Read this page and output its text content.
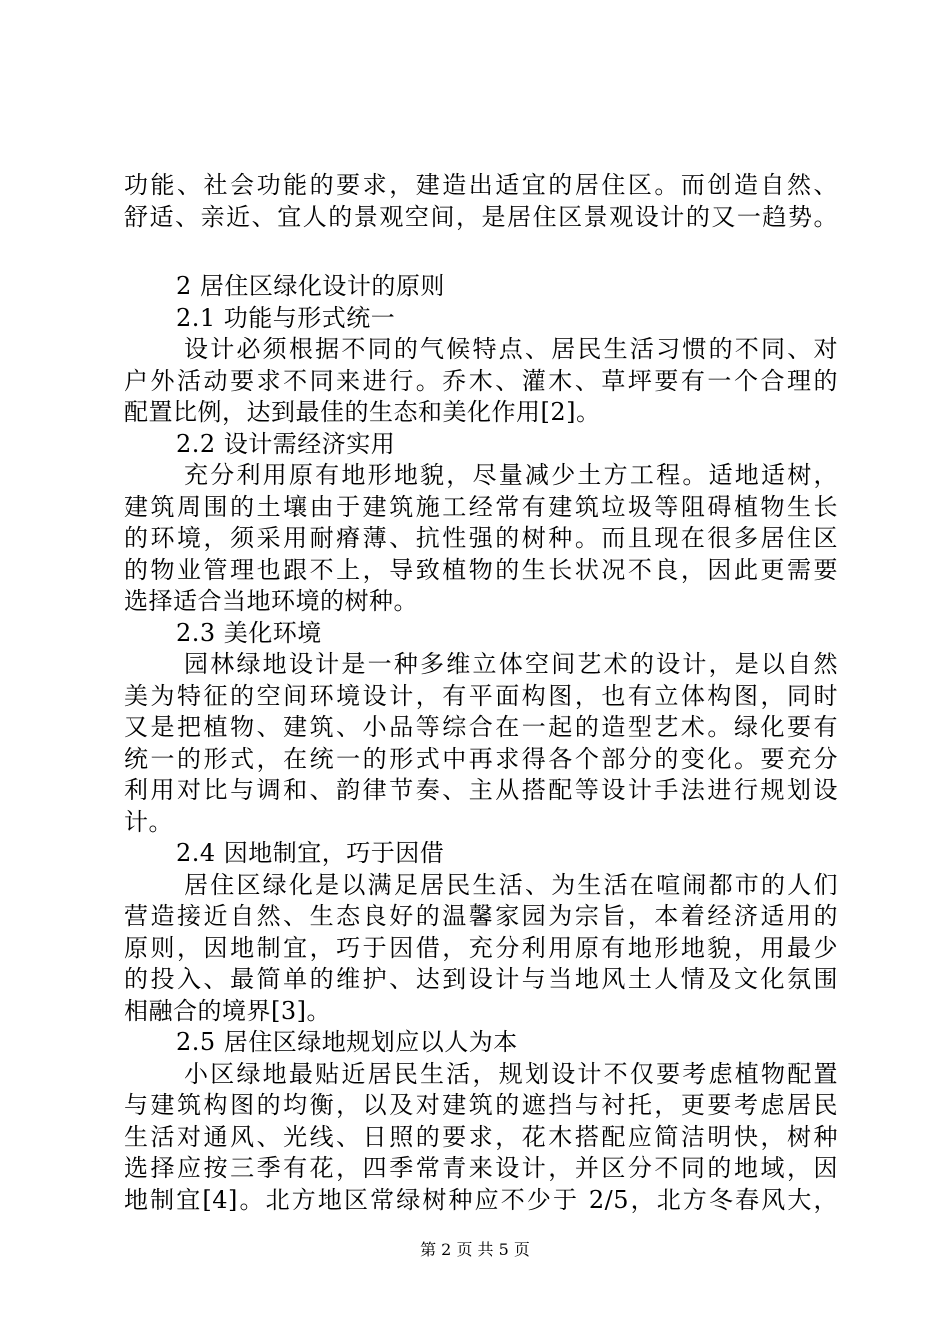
功能、社会功能的要求，建造出适宜的居住区。而创造自然、
舒适、亲近、宜人的景观空间，是居住区景观设计的又一趋势。
2 居住区绿化设计的原则
2.1 功能与形式统一
设计必须根据不同的气候特点、居民生活习惯的不同、对
户外活动要求不同来进行。乔木、灌木、草坪要有一个合理的
配置比例，达到最佳的生态和美化作用[2]。
2.2 设计需经济实用
充分利用原有地形地貌，尽量减少土方工程。适地适树，
建筑周围的土壤由于建筑施工经常有建筑垃圾等阻碍植物生长
的环境，须采用耐瘠薄、抗性强的树种。而且现在很多居住区
的物业管理也跟不上，导致植物的生长状况不良，因此更需要
选择适合当地环境的树种。
2.3 美化环境
园林绿地设计是一种多维立体空间艺术的设计，是以自然
美为特征的空间环境设计，有平面构图，也有立体构图，同时
又是把植物、建筑、小品等综合在一起的造型艺术。绿化要有
统一的形式，在统一的形式中再求得各个部分的变化。要充分
利用对比与调和、韵律节奏、主从搭配等设计手法进行规划设
计。
2.4 因地制宜，巧于因借
居住区绿化是以满足居民生活、为生活在喧闹都市的人们
营造接近自然、生态良好的温馨家园为宗旨，本着经济适用的
原则，因地制宜，巧于因借，充分利用原有地形地貌，用最少
的投入、最简单的维护、达到设计与当地风土人情及文化氛围
相融合的境界[3]。
2.5 居住区绿地规划应以人为本
小区绿地最贴近居民生活，规划设计不仅要考虑植物配置
与建筑构图的均衡，以及对建筑的遮挡与衬托，更要考虑居民
生活对通风、光线、日照的要求，花木搭配应简洁明快，树种
选择应按三季有花，四季常青来设计，并区分不同的地域，因
地制宜[4]。北方地区常绿树种应不少于 2/5，北方冬春风大，
第 2 页 共 5 页
